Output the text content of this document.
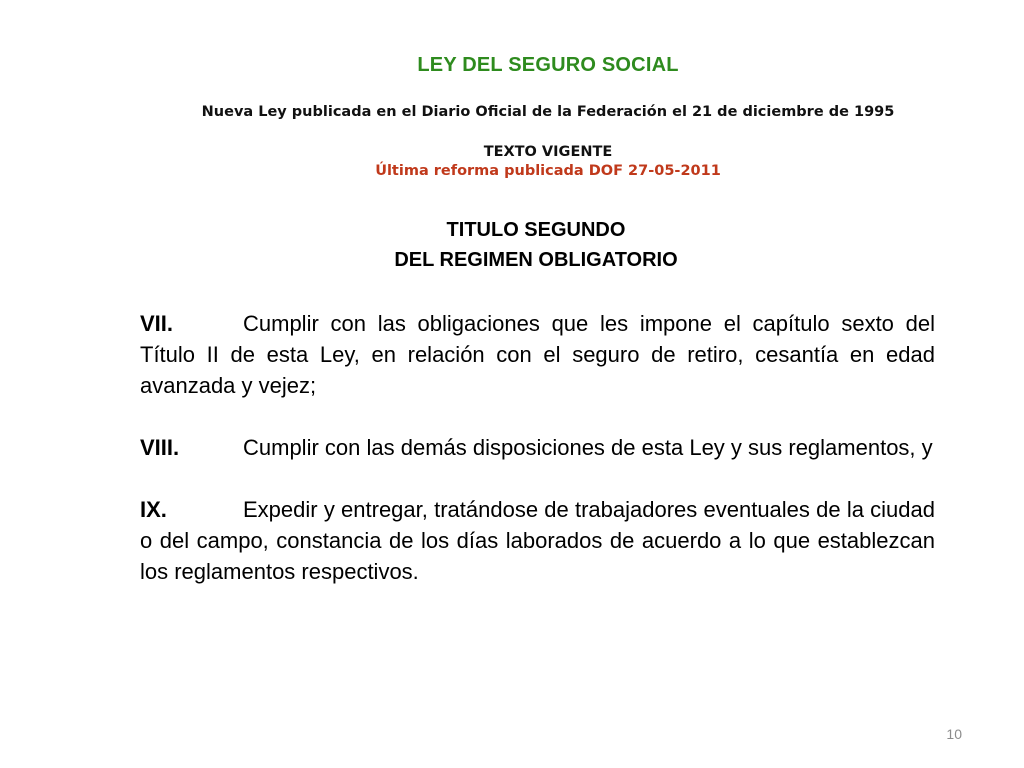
LEY DEL SEGURO SOCIAL
Nueva Ley publicada en el Diario Oficial de la Federación el 21 de diciembre de 1995
TEXTO VIGENTE
Última reforma publicada DOF 27-05-2011
TITULO SEGUNDO
DEL REGIMEN OBLIGATORIO

VII.	Cumplir con las obligaciones que les impone el capítulo sexto del Título II de esta Ley, en relación con el seguro de retiro, cesantía en edad avanzada y vejez;

VIII.	Cumplir con las demás disposiciones de esta Ley y sus reglamentos, y

IX.	Expedir y entregar, tratándose de trabajadores eventuales de la ciudad o del campo, constancia de los días laborados de acuerdo a lo que establezcan los reglamentos respectivos.

10
